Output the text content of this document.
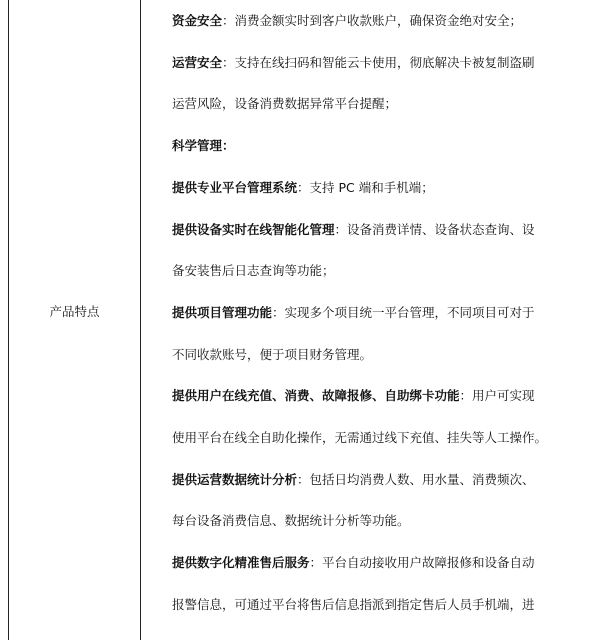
产品特点
资金安全：消费金额实时到客户收款账户，确保资金绝对安全；
运营安全：支持在线扫码和智能云卡使用，彻底解决卡被复制盗刷
运营风险，设备消费数据异常平台提醒；
科学管理：
提供专业平台管理系统：支持 PC 端和手机端；
提供设备实时在线智能化管理：设备消费详情、设备状态查询、设
备安装售后日志查询等功能；
提供项目管理功能：实现多个项目统一平台管理，不同项目可对于
不同收款账号，便于项目财务管理。
提供用户在线充值、消费、故障报修、自助绑卡功能：用户可实现
使用平台在线全自助化操作，无需通过线下充值、挂失等人工操作。
提供运营数据统计分析：包括日均消费人数、用水量、消费频次、
每台设备消费信息、数据统计分析等功能。
提供数字化精准售后服务：平台自动接收用户故障报修和设备自动
报警信息，可通过平台将售后信息指派到指定售后人员手机端，进
